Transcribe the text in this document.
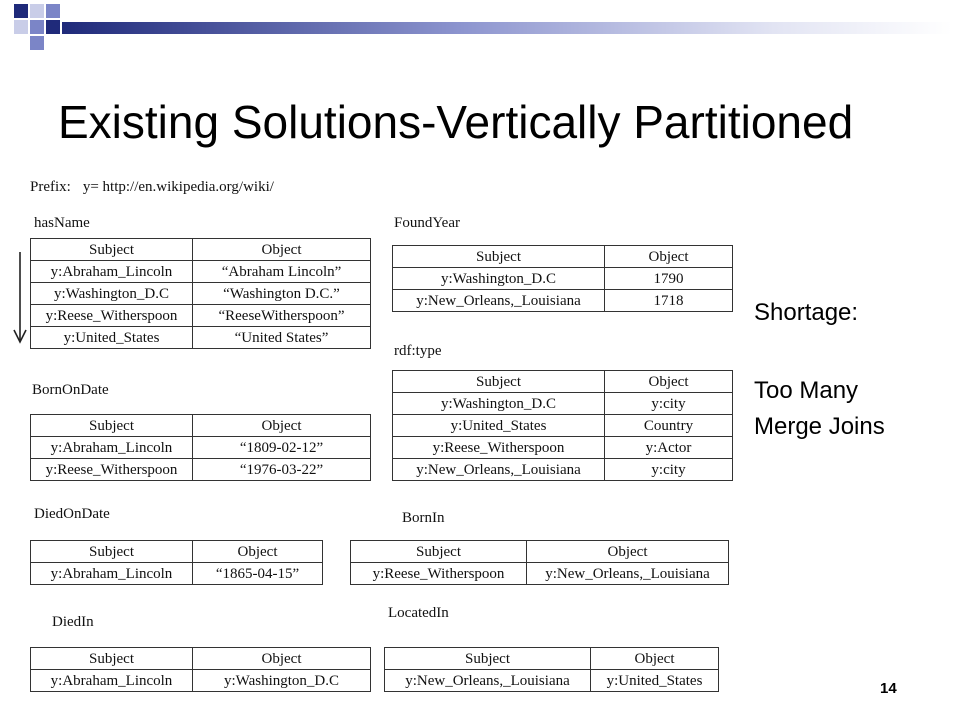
Existing Solutions-Vertically Partitioned
Prefix: y= http://en.wikipedia.org/wiki/
hasName
Subject	Object
y:Abraham_Lincoln	“Abraham Lincoln”
y:Washington_D.C	“Washington D.C.”
y:Reese_Witherspoon	“ReeseWitherspoon”
y:United_States	“United States”
BornOnDate
Subject	Object
y:Abraham_Lincoln	“1809-02-12”
y:Reese_Witherspoon	“1976-03-22”
DiedOnDate
Subject	Object
y:Abraham_Lincoln	“1865-04-15”
DiedIn
Subject	Object
y:Abraham_Lincoln	y:Washington_D.C
FoundYear
Subject	Object
y:Washington_D.C	1790
y:New_Orleans,_Louisiana	1718
rdf:type
Subject	Object
y:Washington_D.C	y:city
y:United_States	Country
y:Reese_Witherspoon	y:Actor
y:New_Orleans,_Louisiana	y:city
BornIn
Subject	Object
y:Reese_Witherspoon	y:New_Orleans,_Louisiana
LocatedIn
Subject	Object
y:New_Orleans,_Louisiana	y:United_States
Shortage:
Too Many
Merge Joins
14
